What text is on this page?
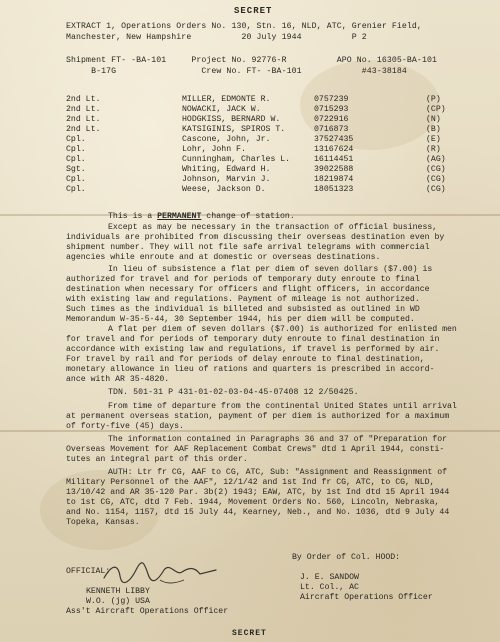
SECRET
EXTRACT 1, Operations Orders No. 130, Stn. 16, NLD, ATC, Grenier Field,
Manchester, New Hampshire          20 July 1944          P 2
Shipment FT- -BA-101     Project No. 92776-R          APO No. 16305-BA-101
B-17G                 Crew No. FT- -BA-101            #43-38184
2nd Lt.	MILLER, EDMONTE R.	0757239	(P)
2nd Lt.	NOWACKI, JACK W.	0715293	(CP)
2nd Lt.	HODGKISS, BERNARD W.	0722916	(N)
2nd Lt.	KATSIGINIS, SPIROS T.	0716873	(B)
Cpl.	Cascone, John, Jr.	37527435	(E)
Cpl.	Lohr, John F.	13167624	(R)
Cpl.	Cunningham, Charles L.	16114451	(AG)
Sgt.	Whiting, Edward H.	39022588	(CG)
Cpl.	Johnson, Marvin J.	18219874	(CG)
Cpl.	Weese, Jackson D.	18051323	(CG)
This is a PERMANENT change of station.
Except as may be necessary in the transaction of official business,
individuals are prohibited from discussing their overseas destination even by
shipment number. They will not file safe arrival telegrams with commercial
agencies while enroute and at domestic or overseas destinations.
In lieu of subsistence a flat per diem of seven dollars ($7.00) is
authorized for travel and for periods of temporary duty enroute to final
destination when necessary for officers and flight officers, in accordance
with existing law and regulations. Payment of mileage is not authorized.
Such times as the individual is billeted and subsisted as outlined in WD
Memorandum W-35-5-44, 30 September 1944, his per diem will be computed.
A flat per diem of seven dollars ($7.00) is authorized for enlisted men
for travel and for periods of temporary duty enroute to final destination in
accordance with existing law and regulations, if travel is performed by air.
For travel by rail and for periods of delay enroute to final destination,
monetary allowance in lieu of rations and quarters is prescribed in accord-
ance with AR 35-4820.
TDN. 501-31 P 431-01-02-03-04-45-07408 12 2/50425.
From time of departure from the continental United States until arrival
at permanent overseas station, payment of per diem is authorized for a maximum
of forty-five (45) days.
The information contained in Paragraphs 36 and 37 of "Preparation for
Overseas Movement for AAF Replacement Combat Crews" dtd 1 April 1944, consti-
tutes an integral part of this order.
AUTH: Ltr fr CG, AAF to CG, ATC, Sub: "Assignment and Reassignment of
Military Personnel of the AAF", 12/1/42 and 1st Ind fr CG, ATC, to CG, NLD,
13/10/42 and AR 35-120 Par. 3b(2) 1943; EAW, ATC, by 1st Ind dtd 15 April 1944
to 1st CG, ATC, dtd 7 Feb. 1944, Movement Orders No. 560, Lincoln, Nebraska,
and No. 1154, 1157, dtd 15 July 44, Kearney, Neb., and No. 1036, dtd 9 July 44
Topeka, Kansas.
By Order of Col. HOOD:
J. E. SANDOW
Lt. Col., AC
Aircraft Operations Officer
OFFICIAL:
KENNETH LIBBY
W.O. (jg) USA
Ass't Aircraft Operations Officer
SECRET
